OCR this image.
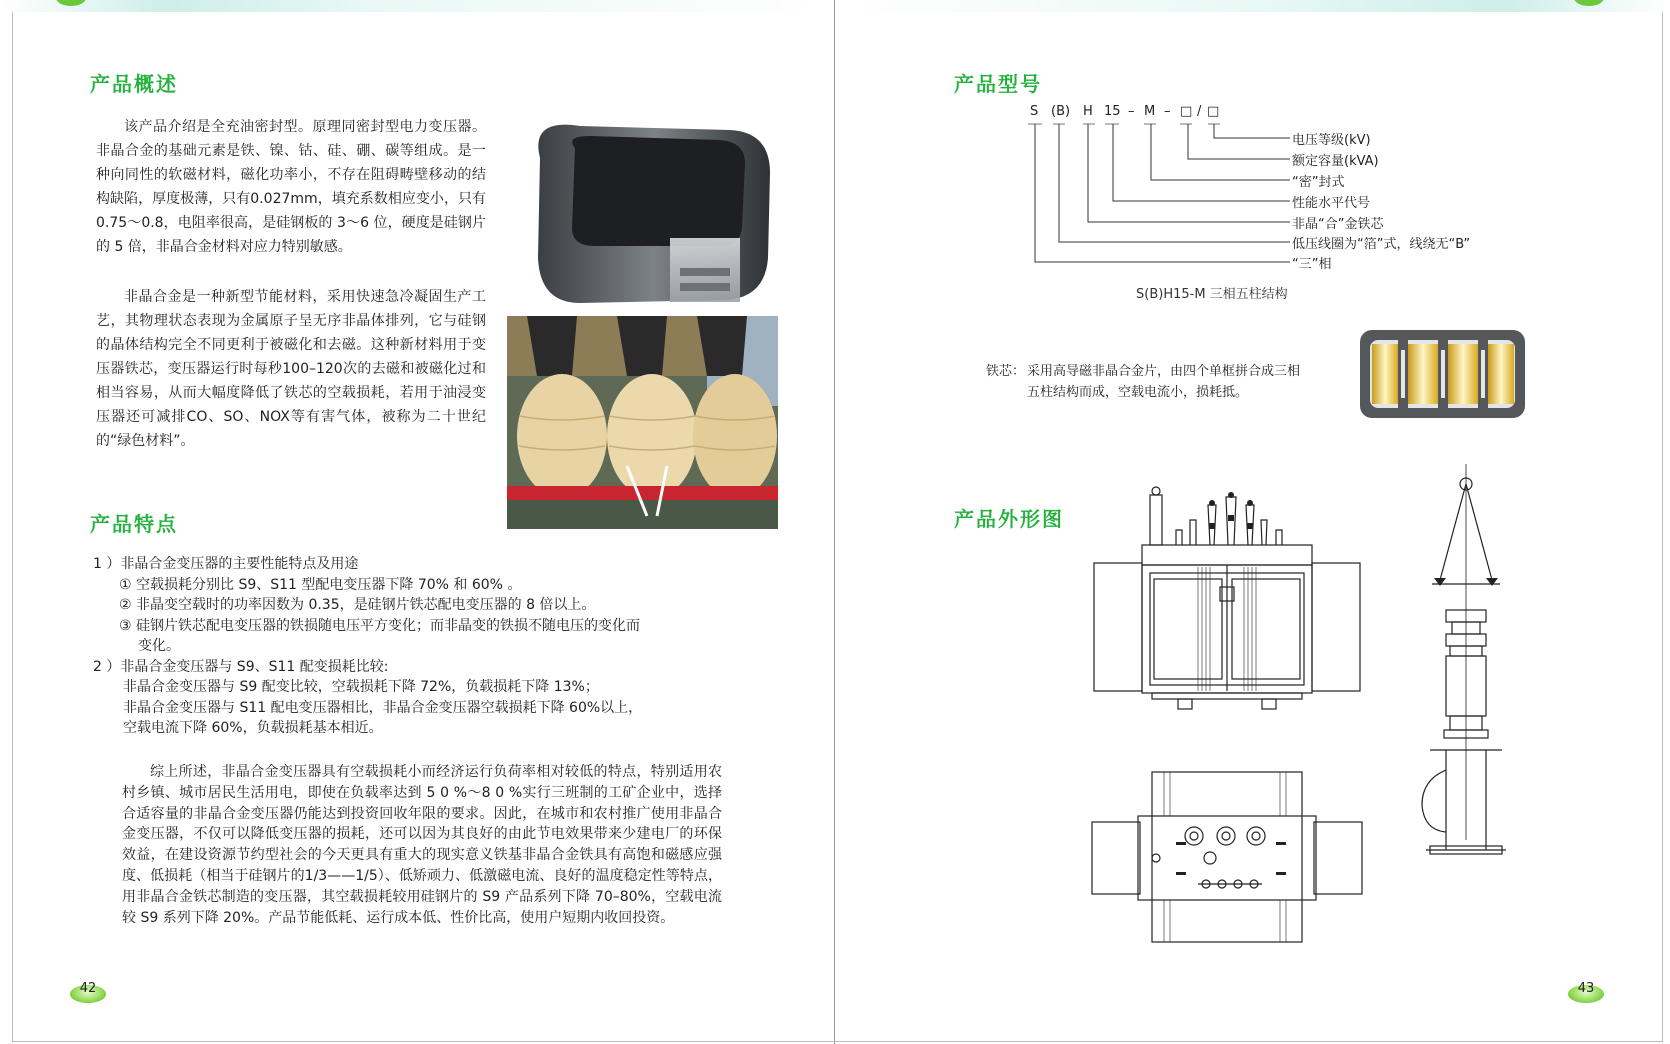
产品概述

该产品介绍是全充油密封型。原理同密封型电力变压器。非晶合金的基础元素是铁、镍、钴、硅、硼、碳等组成。是一种向同性的软磁材料，磁化功率小，不存在阻碍畴壁移动的结构缺陷，厚度极薄，只有0.027mm，填充系数相应变小，只有0.75～0.8，电阻率很高，是硅钢板的 3～6 位，硬度是硅钢片的 5 倍，非晶合金材料对应力特别敏感。

非晶合金是一种新型节能材料，采用快速急冷凝固生产工艺，其物理状态表现为金属原子呈无序非晶体排列，它与硅钢的晶体结构完全不同更利于被磁化和去磁。这种新材料用于变压器铁芯，变压器运行时每秒100–120次的去磁和被磁化过和相当容易，从而大幅度降低了铁芯的空载损耗，若用于油浸变压器还可减排CO、SO、NOX等有害气体，被称为二十世纪的“绿色材料”。

产品特点
1 ）非晶合金变压器的主要性能特点及用途
① 空载损耗分别比 S9、S11 型配电变压器下降 70% 和 60% 。
② 非晶变空载时的功率因数为 0.35，是硅钢片铁芯配电变压器的 8 倍以上。
③ 硅钢片铁芯配电变压器的铁损随电压平方变化；而非晶变的铁损不随电压的变化而
变化。
2 ）非晶合金变压器与 S9、S11 配变损耗比较:
非晶合金变压器与 S9 配变比较，空载损耗下降 72%，负载损耗下降 13%；
非晶合金变压器与 S11 配电变压器相比，非晶合金变压器空载损耗下降 60%以上，
空载电流下降 60%，负载损耗基本相近。

综上所述，非晶合金变压器具有空载损耗小而经济运行负荷率相对较低的特点，特别适用农村乡镇、城市居民生活用电，即使在负载率达到 5 0 %～8 0 %实行三班制的工矿企业中，选择合适容量的非晶合金变压器仍能达到投资回收年限的要求。因此，在城市和农村推广使用非晶合金变压器，不仅可以降低变压器的损耗，还可以因为其良好的由此节电效果带来少建电厂的环保效益，在建设资源节约型社会的今天更具有重大的现实意义铁基非晶合金铁具有高饱和磁感应强度、低损耗（相当于硅钢片的1/3——1/5）、低矫顽力、低激磁电流、良好的温度稳定性等特点，用非晶合金铁芯制造的变压器，其空载损耗较用硅钢片的 S9 产品系列下降 70–80%，空载电流较 S9 系列下降 20%。产品节能低耗、运行成本低、性价比高，使用户短期内收回投资。

42
产品型号
S (B) H 15 – M – □ / □
电压等级(kV)
额定容量(kVA)
“密”封式
性能水平代号
非晶“合”金铁芯
低压线圈为“箔”式，线绕无“B”
“三”相
S(B)H15-M 三相五柱结构
铁芯： 采用高导磁非晶合金片，由四个单框拼合成三相
五柱结构而成，空载电流小，损耗抵。
产品外形图
43
